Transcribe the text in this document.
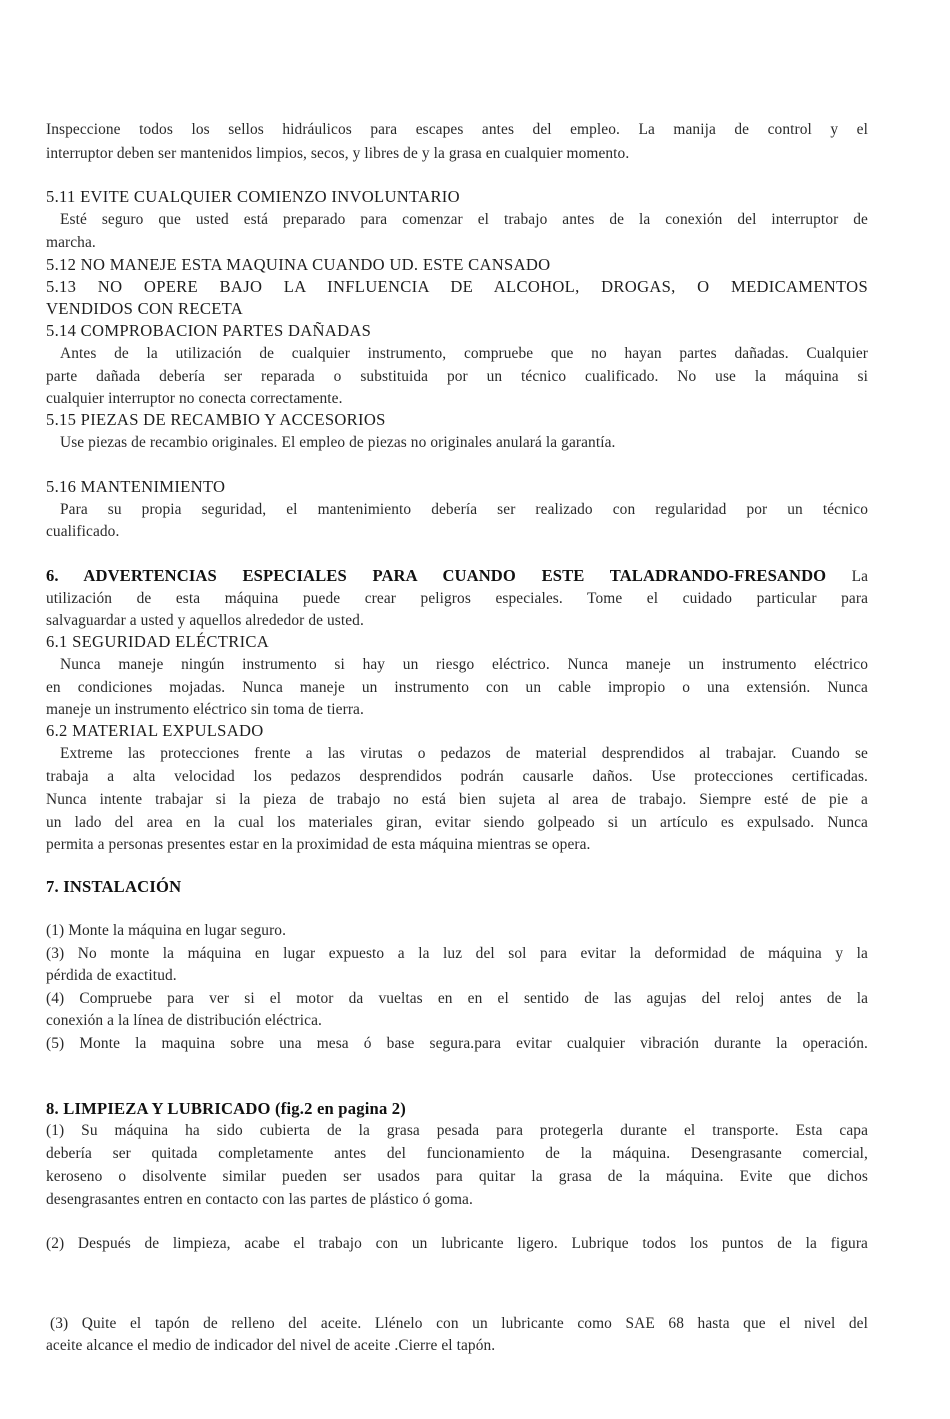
Inspeccione todos los sellos hidráulicos para escapes antes del empleo. La manija de control y el
interruptor deben ser mantenidos limpios, secos, y libres de y la grasa en cualquier momento.
5.11 EVITE CUALQUIER COMIENZO INVOLUNTARIO
Esté seguro que usted está preparado para comenzar el trabajo antes de la conexión del interruptor de
marcha.
5.12 NO MANEJE ESTA MAQUINA CUANDO UD. ESTE CANSADO
5.13 NO OPERE BAJO LA INFLUENCIA DE ALCOHOL, DROGAS, O MEDICAMENTOS
VENDIDOS CON RECETA
5.14 COMPROBACION PARTES DAÑADAS
Antes de la utilización de cualquier instrumento, compruebe que no hayan partes dañadas. Cualquier
parte dañada debería ser reparada o substituida por un técnico cualificado. No use la máquina si
cualquier interruptor no conecta correctamente.
5.15 PIEZAS DE RECAMBIO Y ACCESORIOS
Use piezas de recambio originales. El empleo de piezas no originales anulará la garantía.
5.16 MANTENIMIENTO
Para su propia seguridad, el mantenimiento debería ser realizado con regularidad por un técnico
cualificado.
6. ADVERTENCIAS ESPECIALES PARA CUANDO ESTE TALADRANDO-FRESANDO La
utilización de esta máquina puede crear peligros especiales. Tome el cuidado particular para
salvaguardar a usted y aquellos alrededor de usted.
6.1 SEGURIDAD ELÉCTRICA
Nunca maneje ningún instrumento si hay un riesgo eléctrico. Nunca maneje un instrumento eléctrico
en condiciones mojadas. Nunca maneje un instrumento con un cable impropio o una extensión. Nunca
maneje un instrumento eléctrico sin toma de tierra.
6.2 MATERIAL EXPULSADO
Extreme las protecciones frente a las virutas o pedazos de material desprendidos al trabajar. Cuando se
trabaja a alta velocidad los pedazos desprendidos podrán causarle daños. Use protecciones certificadas.
Nunca intente trabajar si la pieza de trabajo no está bien sujeta al area de trabajo. Siempre esté de pie a
un lado del area en la cual los materiales giran, evitar siendo golpeado si un artículo es expulsado. Nunca
permita a personas presentes estar en la proximidad de esta máquina mientras se opera.
7. INSTALACIÓN
(1) Monte la máquina en lugar seguro.
(3) No monte la máquina en lugar expuesto a la luz del sol para evitar la deformidad de máquina y la
pérdida de exactitud.
(4) Compruebe para ver si el motor da vueltas en en el sentido de las agujas del reloj antes de la
conexión a la línea de distribución eléctrica.
(5) Monte la maquina sobre una mesa ó base segura.para evitar cualquier vibración durante la operación.
8. LIMPIEZA Y LUBRICADO (fig.2 en pagina 2)
(1) Su máquina ha sido cubierta de la grasa pesada para protegerla durante el transporte. Esta capa
debería ser quitada completamente antes del funcionamiento de la máquina. Desengrasante comercial,
keroseno o disolvente similar pueden ser usados para quitar la grasa de la máquina. Evite que dichos
desengrasantes entren en contacto con las partes de plástico ó goma.
(2) Después de limpieza, acabe el trabajo con un lubricante ligero. Lubrique todos los puntos de la figura
(3) Quite el tapón de relleno del aceite. Llénelo con un lubricante como SAE 68 hasta que el nivel del
aceite alcance el medio de indicador del nivel de aceite .Cierre el tapón.
